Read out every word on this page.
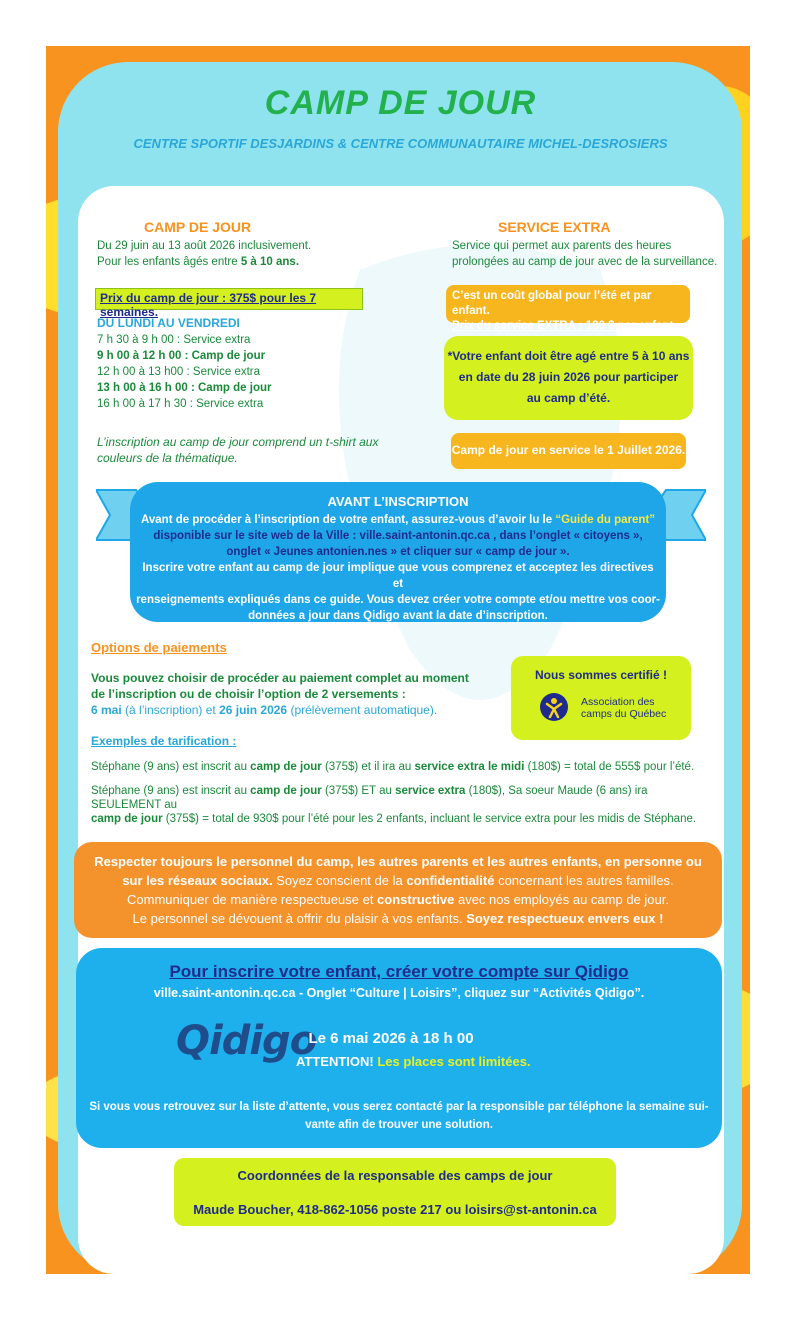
CAMP DE JOUR
CENTRE SPORTIF DESJARDINS & CENTRE COMMUNAUTAIRE MICHEL-DESROSIERS
CAMP DE JOUR
Du 29 juin au 13 août 2026 inclusivement.
Pour les enfants âgés entre 5 à 10 ans.
Prix du camp de jour : 375$ pour les 7 semaines.
DU LUNDI AU VENDREDI
7 h 30 à 9 h 00 : Service extra
9 h 00 à 12 h 00 : Camp de jour
12 h 00 à 13 h00 : Service extra
13 h 00 à 16 h 00 : Camp de jour
16 h 00 à 17 h 30 : Service extra
L’inscription au camp de jour comprend un t-shirt aux
couleurs de la thématique.
SERVICE EXTRA
Service qui permet aux parents des heures
prolongées au camp de jour avec de la surveillance.
C’est un coût global pour l’été et par enfant.
Prix du service EXTRA : 180 $ par enfant.
*Votre enfant doit être agé entre 5 à 10 ans
en date du 28 juin 2026 pour participer
au camp d’été.
Camp de jour en service le 1 Juillet 2026.
AVANT L’INSCRIPTION
Avant de procéder à l’inscription de votre enfant, assurez-vous d’avoir lu le “Guide du parent”
disponible sur le site web de la Ville : ville.saint-antonin.qc.ca , dans l’onglet « citoyens »,
onglet « Jeunes antonien.nes » et cliquer sur « camp de jour ».
Inscrire votre enfant au camp de jour implique que vous comprenez et acceptez les directives et
renseignements expliqués dans ce guide. Vous devez créer votre compte et/ou mettre vos coor-
données a jour dans Qidigo avant la date d’inscription.
Options de paiements
Vous pouvez choisir de procéder au paiement complet au moment
de l’inscription ou de choisir l’option de 2 versements :
6 mai (à l’inscription) et 26 juin 2026 (prélèvement automatique).
Exemples de tarification :
Stéphane (9 ans) est inscrit au camp de jour (375$) et il ira au service extra le midi (180$) = total de 555$ pour l’été.
Stéphane (9 ans) est inscrit au camp de jour (375$) ET au service extra (180$), Sa soeur Maude (6 ans) ira SEULEMENT au
camp de jour (375$) = total de 930$ pour l’été pour les 2 enfants, incluant le service extra pour les midis de Stéphane.
Nous sommes certifié !
Association des
camps du Québec
Respecter toujours le personnel du camp, les autres parents et les autres enfants, en personne ou
sur les réseaux sociaux. Soyez conscient de la confidentialité concernant les autres familles.
Communiquer de manière respectueuse et constructive avec nos employés au camp de jour.
Le personnel se dévouent à offrir du plaisir à vos enfants. Soyez respectueux envers eux !
Pour inscrire votre enfant, créer votre compte sur Qidigo
ville.saint-antonin.qc.ca - Onglet “Culture | Loisirs”, cliquez sur “Activités Qidigo”.
Qidigo
Le 6 mai 2026 à 18 h 00
ATTENTION! Les places sont limitées.
Si vous vous retrouvez sur la liste d’attente, vous serez contacté par la responsible par téléphone la semaine sui-
vante afin de trouver une solution.
Coordonnées de la responsable des camps de jour
Maude Boucher, 418-862-1056 poste 217 ou loisirs@st-antonin.ca
